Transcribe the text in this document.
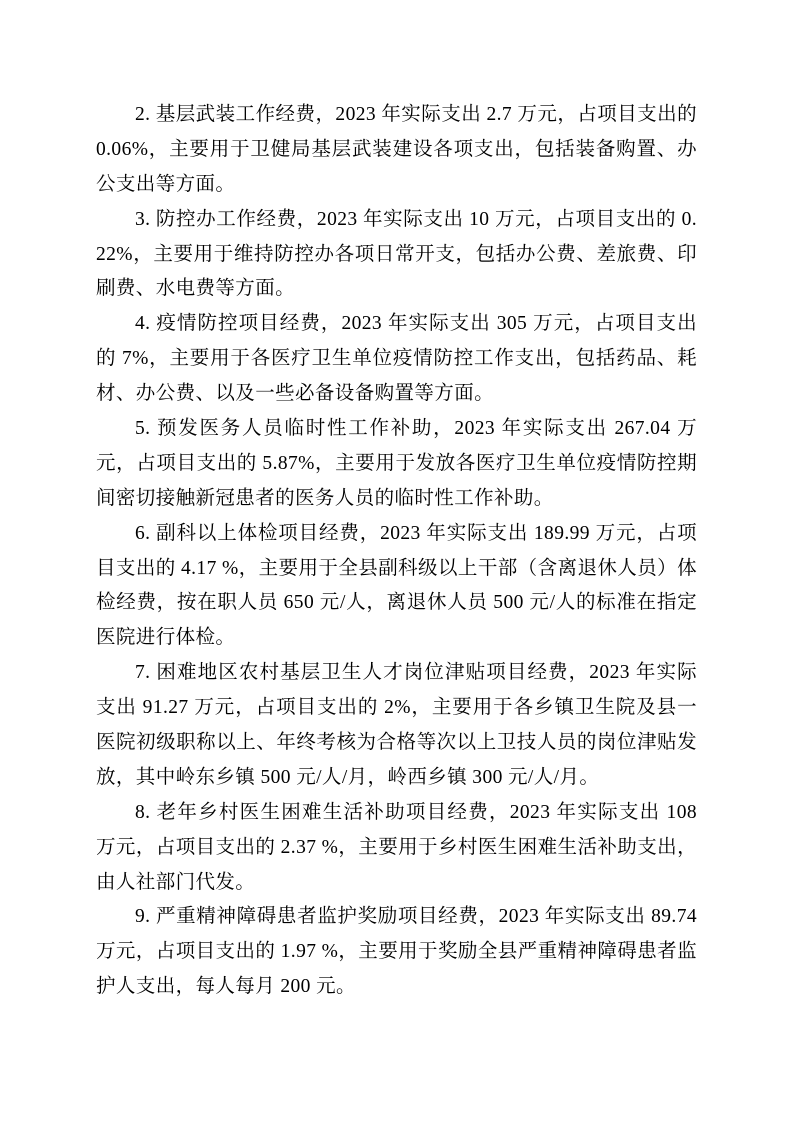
2. 基层武装工作经费，2023 年实际支出 2.7 万元，占项目支出的 0.06%，主要用于卫健局基层武装建设各项支出，包括装备购置、办公支出等方面。

3. 防控办工作经费，2023 年实际支出 10 万元，占项目支出的 0.22%，主要用于维持防控办各项日常开支，包括办公费、差旅费、印刷费、水电费等方面。

4. 疫情防控项目经费，2023 年实际支出 305 万元，占项目支出的 7%，主要用于各医疗卫生单位疫情防控工作支出，包括药品、耗材、办公费、以及一些必备设备购置等方面。

5. 预发医务人员临时性工作补助，2023 年实际支出 267.04 万元，占项目支出的 5.87%，主要用于发放各医疗卫生单位疫情防控期间密切接触新冠患者的医务人员的临时性工作补助。

6. 副科以上体检项目经费，2023 年实际支出 189.99 万元，占项目支出的 4.17 %，主要用于全县副科级以上干部（含离退休人员）体检经费，按在职人员 650 元/人，离退休人员 500 元/人的标准在指定医院进行体检。

7. 困难地区农村基层卫生人才岗位津贴项目经费，2023 年实际支出 91.27 万元，占项目支出的 2%，主要用于各乡镇卫生院及县一医院初级职称以上、年终考核为合格等次以上卫技人员的岗位津贴发放，其中岭东乡镇 500 元/人/月，岭西乡镇 300 元/人/月。

8. 老年乡村医生困难生活补助项目经费，2023 年实际支出 108 万元，占项目支出的 2.37 %，主要用于乡村医生困难生活补助支出，由人社部门代发。

9. 严重精神障碍患者监护奖励项目经费，2023 年实际支出 89.74 万元，占项目支出的 1.97 %，主要用于奖励全县严重精神障碍患者监护人支出，每人每月 200 元。
